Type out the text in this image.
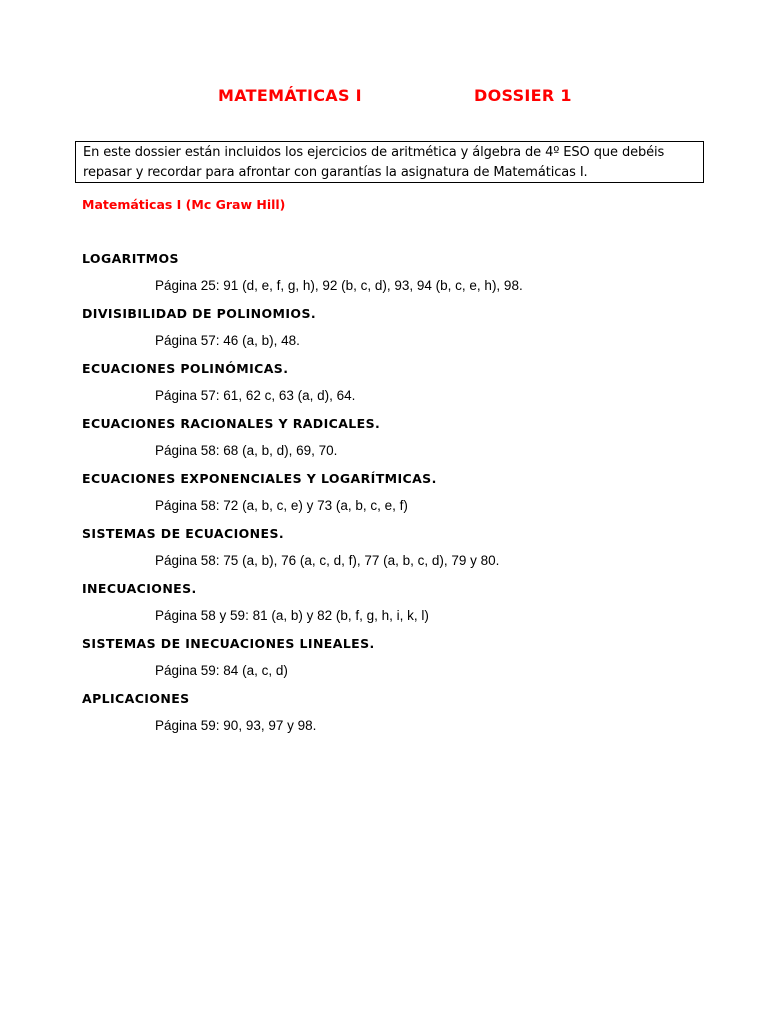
MATEMÁTICAS I	DOSSIER 1
En este dossier están incluidos los ejercicios de aritmética y álgebra de 4º ESO que debéis
repasar y recordar para afrontar con garantías la asignatura de Matemáticas I.
Matemáticas I (Mc Graw Hill)
LOGARITMOS
Página 25: 91 (d, e, f, g, h), 92 (b, c, d), 93, 94 (b, c, e, h), 98.
DIVISIBILIDAD DE POLINOMIOS.
Página 57: 46 (a, b), 48.
ECUACIONES POLINÓMICAS.
Página 57: 61, 62 c, 63 (a, d), 64.
ECUACIONES RACIONALES Y RADICALES.
Página 58: 68 (a, b, d), 69, 70.
ECUACIONES EXPONENCIALES Y LOGARÍTMICAS.
Página 58: 72 (a, b, c, e) y 73 (a, b, c, e, f)
SISTEMAS DE ECUACIONES.
Página 58: 75 (a, b), 76 (a, c, d, f), 77 (a, b, c, d), 79 y 80.
INECUACIONES.
Página 58 y 59: 81 (a, b) y 82 (b, f, g, h, i, k, l)
SISTEMAS DE INECUACIONES LINEALES.
Página 59: 84 (a, c, d)
APLICACIONES
Página 59: 90, 93, 97 y 98.
